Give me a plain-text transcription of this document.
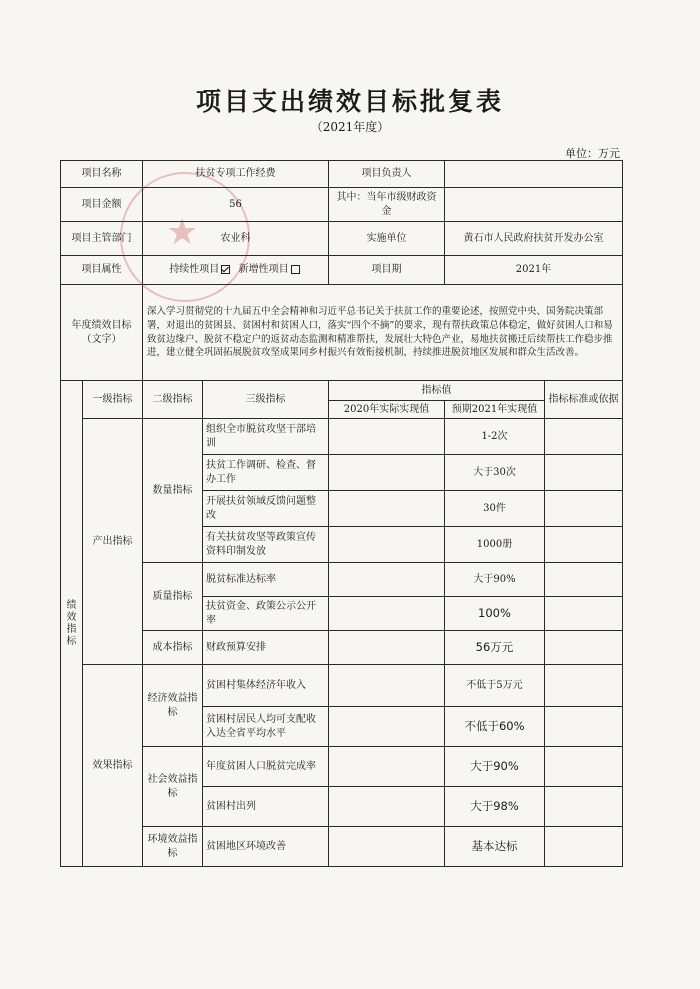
★
项目支出绩效目标批复表
（2021年度）
单位：万元
项目名称		扶贫专项工作经费		项目负责人		
项目金额		56		其中：当年市级财政资金		
项目主管部门		农业科		实施单位	黄石市人民政府扶贫开发办公室	
项目属性		持续性项目 新增性项目		项目期	2021年	

年度绩效目标
（文字）		深入学习贯彻党的十九届五中全会精神和习近平总书记关于扶贫工作的重要论述，按照党中央、国务院决策部署，对退出的贫困县、贫困村和贫困人口，落实“四个不摘”的要求，现有帮扶政策总体稳定，做好贫困人口和易致贫边缘户、脱贫不稳定户的返贫动态监测和精准帮扶，发展壮大特色产业，易地扶贫搬迁后续帮扶工作稳步推进，建立健全巩固拓展脱贫攻坚成果同乡村振兴有效衔接机制，持续推进脱贫地区发展和群众生活改善。				
绩效指标	一级指标	二级指标	三级指标	指标值		指标标准或依据
				2020年实际实现值	预期2021年实现值	
	产出指标	数量指标	组织全市脱贫攻坚干部培训		1-2次	
			扶贫工作调研、检查、督办工作		大于30次	
			开展扶贫领域反馈问题整改		30件	
			有关扶贫攻坚等政策宣传资料印制发放		1000册	
		质量指标	脱贫标准达标率		大于90%	
			扶贫资金、政策公示公开率		100%	
		成本指标	财政预算安排		56万元	
	效果指标	经济效益指标	贫困村集体经济年收入		不低于5万元	
			贫困村居民人均可支配收入达全省平均水平		不低于60%	
		社会效益指标	年度贫困人口脱贫完成率		大于90%	
			贫困村出列		大于98%	
		环境效益指标	贫困地区环境改善		基本达标	
